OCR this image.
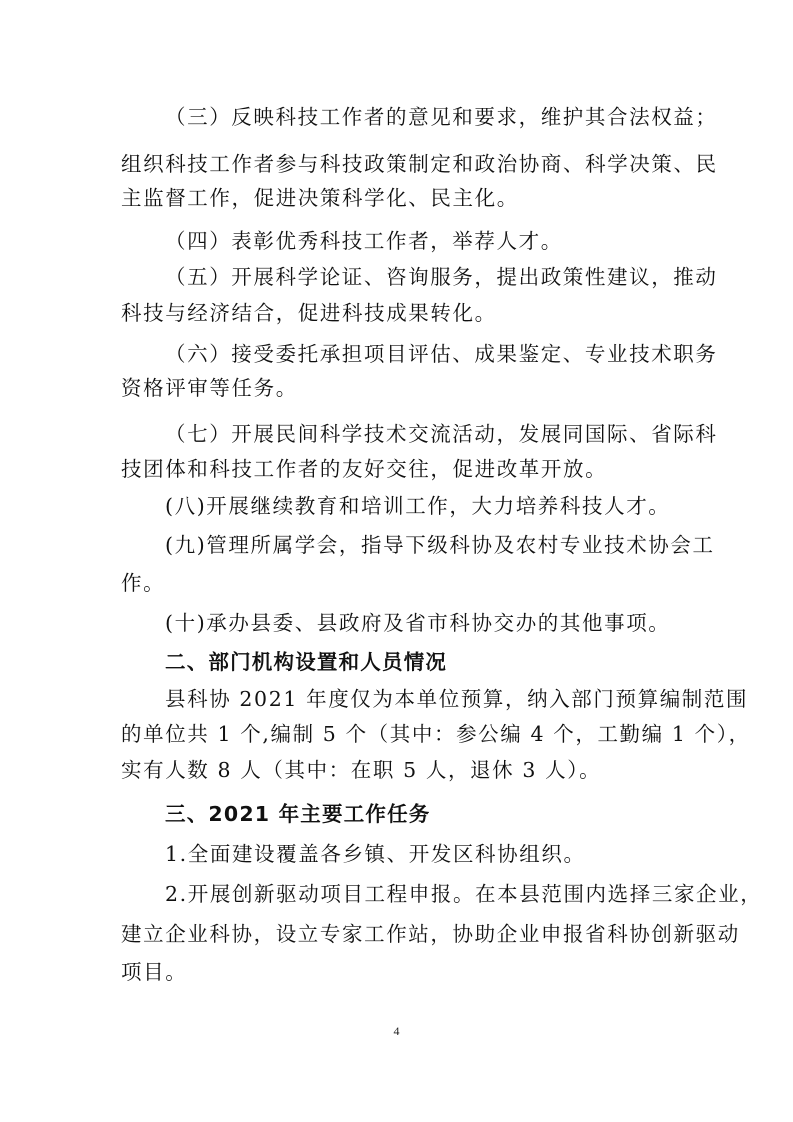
（三）反映科技工作者的意见和要求，维护其合法权益；
组织科技工作者参与科技政策制定和政治协商、科学决策、民
主监督工作，促进决策科学化、民主化。
（四）表彰优秀科技工作者，举荐人才。
（五）开展科学论证、咨询服务，提出政策性建议，推动
科技与经济结合，促进科技成果转化。
（六）接受委托承担项目评估、成果鉴定、专业技术职务
资格评审等任务。
（七）开展民间科学技术交流活动，发展同国际、省际科
技团体和科技工作者的友好交往，促进改革开放。
(八)开展继续教育和培训工作，大力培养科技人才。
(九)管理所属学会，指导下级科协及农村专业技术协会工
作。
(十)承办县委、县政府及省市科协交办的其他事项。
二、部门机构设置和人员情况
县科协 2021 年度仅为本单位预算，纳入部门预算编制范围
的单位共 1 个,编制 5 个（其中：参公编 4 个，工勤编 1 个），
实有人数 8 人（其中：在职 5 人，退休 3 人）。
三、2021 年主要工作任务
1.全面建设覆盖各乡镇、开发区科协组织。
2.开展创新驱动项目工程申报。在本县范围内选择三家企业，
建立企业科协，设立专家工作站，协助企业申报省科协创新驱动
项目。
4
